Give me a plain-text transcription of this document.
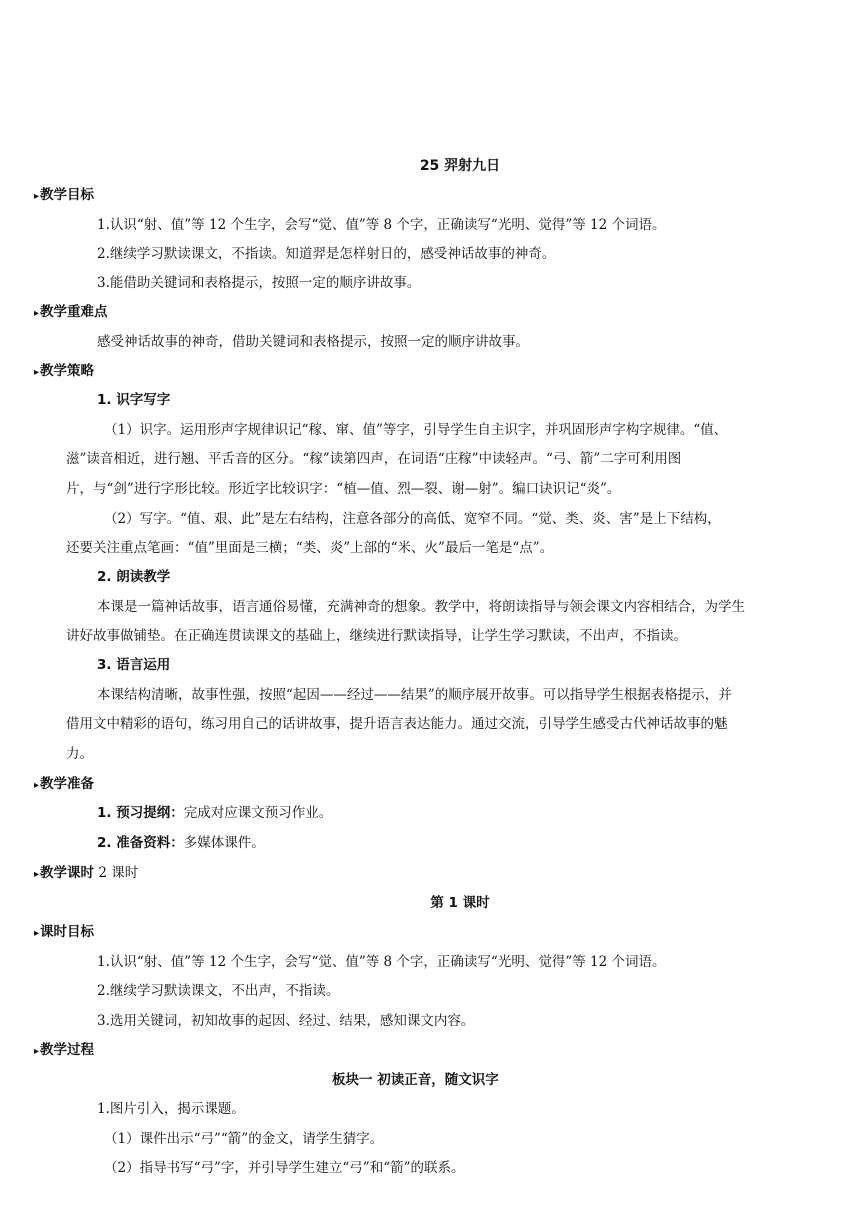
25 羿射九日
▸教学目标
1.认识“射、值”等 12 个生字，会写“觉、值”等 8 个字，正确读写“光明、觉得”等 12 个词语。
2.继续学习默读课文，不指读。知道羿是怎样射日的，感受神话故事的神奇。
3.能借助关键词和表格提示，按照一定的顺序讲故事。
▸教学重难点
感受神话故事的神奇，借助关键词和表格提示，按照一定的顺序讲故事。
▸教学策略
1. 识字写字
（1）识字。运用形声字规律识记“稼、窜、值”等字，引导学生自主识字，并巩固形声字构字规律。“值、
滋”读音相近，进行翘、平舌音的区分。“稼”读第四声，在词语“庄稼”中读轻声。“弓、箭”二字可利用图
片，与“剑”进行字形比较。形近字比较识字：“植—值、烈—裂、谢—射”。编口诀识记“炎”。
（2）写字。“值、艰、此”是左右结构，注意各部分的高低、宽窄不同。“觉、类、炎、害”是上下结构，
还要关注重点笔画：“值”里面是三横；“类、炎”上部的“米、火”最后一笔是“点”。
2. 朗读教学
本课是一篇神话故事，语言通俗易懂，充满神奇的想象。教学中，将朗读指导与领会课文内容相结合，为学生
讲好故事做铺垫。在正确连贯读课文的基础上，继续进行默读指导，让学生学习默读，不出声，不指读。
3. 语言运用
本课结构清晰，故事性强，按照“起因——经过——结果”的顺序展开故事。可以指导学生根据表格提示，并
借用文中精彩的语句，练习用自己的话讲故事，提升语言表达能力。通过交流，引导学生感受古代神话故事的魅
力。
▸教学准备
1. 预习提纲：完成对应课文预习作业。
2. 准备资料：多媒体课件。
▸教学课时 2 课时
第 1 课时
▸课时目标
1.认识“射、值”等 12 个生字，会写“觉、值”等 8 个字，正确读写“光明、觉得”等 12 个词语。
2.继续学习默读课文，不出声，不指读。
3.选用关键词，初知故事的起因、经过、结果，感知课文内容。
▸教学过程
板块一 初读正音，随文识字
1.图片引入，揭示课题。
（1）课件出示“弓”“箭”的金文，请学生猜字。
（2）指导书写“弓”字，并引导学生建立“弓”和“箭”的联系。
